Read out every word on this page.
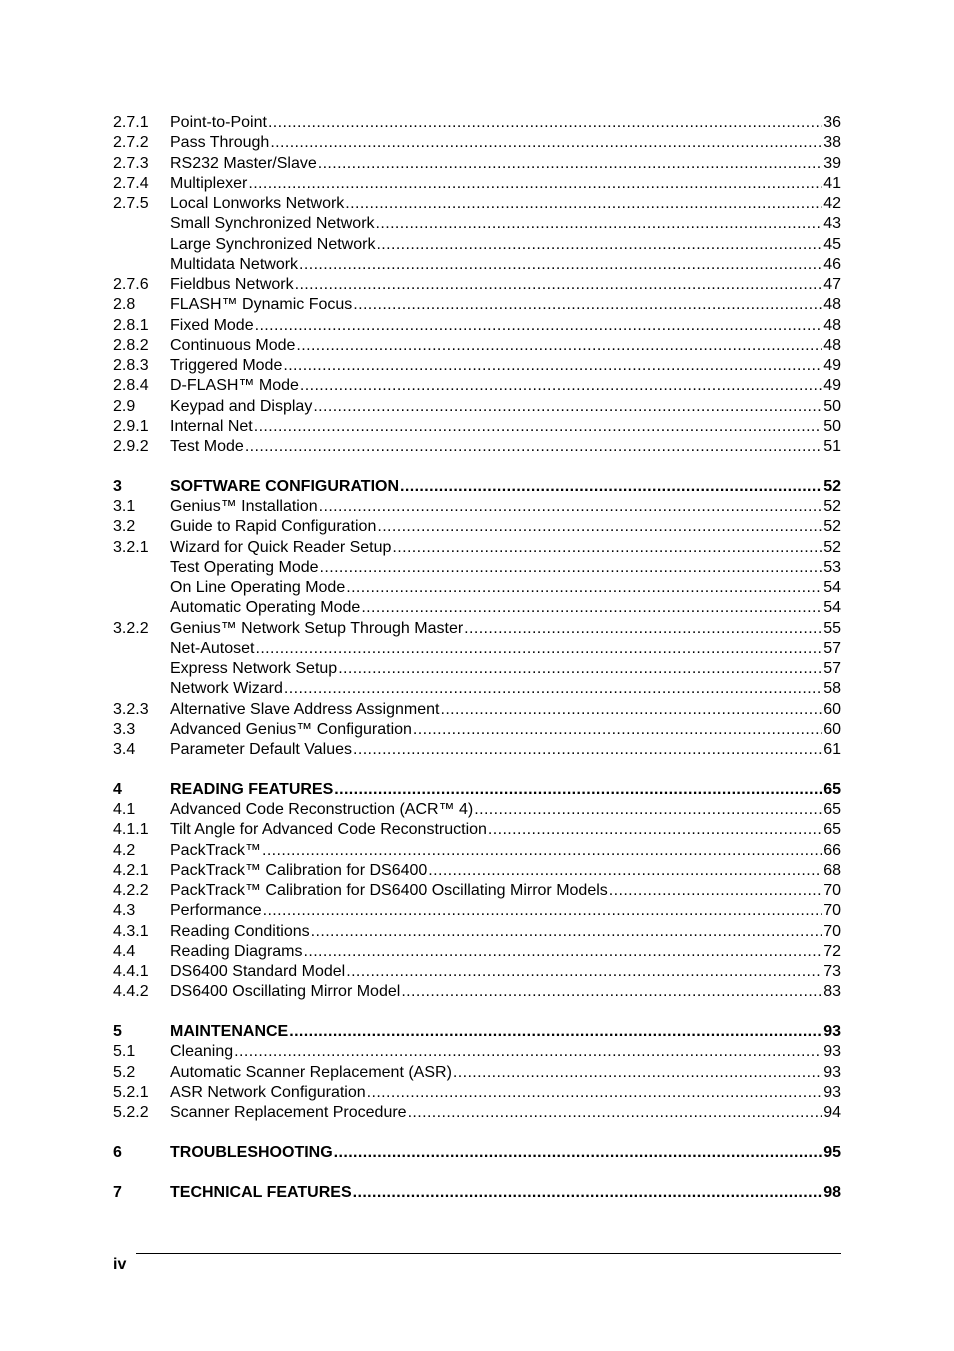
2.7.1	Point-to-Point .....	36
2.7.2	Pass Through .....	38
2.7.3	RS232 Master/Slave .....	39
2.7.4	Multiplexer .....	41
2.7.5	Local Lonworks Network .....	42
Small Synchronized Network .....	43
Large Synchronized Network .....	45
Multidata Network .....	46
2.7.6	Fieldbus Network .....	47
2.8	FLASH™ Dynamic Focus .....	48
2.8.1	Fixed Mode .....	48
2.8.2	Continuous Mode .....	48
2.8.3	Triggered Mode .....	49
2.8.4	D-FLASH™ Mode .....	49
2.9	Keypad and Display .....	50
2.9.1	Internal Net .....	50
2.9.2	Test Mode .....	51
3	SOFTWARE CONFIGURATION .....	52
3.1	Genius™ Installation .....	52
3.2	Guide to Rapid Configuration .....	52
3.2.1	Wizard for Quick Reader Setup .....	52
Test Operating Mode .....	53
On Line Operating Mode .....	54
Automatic Operating Mode .....	54
3.2.2	Genius™ Network Setup Through Master .....	55
Net-Autoset .....	57
Express Network Setup .....	57
Network Wizard .....	58
3.2.3	Alternative Slave Address Assignment .....	60
3.3	Advanced Genius™ Configuration .....	60
3.4	Parameter Default Values .....	61
4	READING FEATURES .....	65
4.1	Advanced Code Reconstruction (ACR™ 4) .....	65
4.1.1	Tilt Angle for Advanced Code Reconstruction .....	65
4.2	PackTrack™ .....	66
4.2.1	PackTrack™ Calibration for DS6400 .....	68
4.2.2	PackTrack™ Calibration for DS6400 Oscillating Mirror Models .....	70
4.3	Performance .....	70
4.3.1	Reading Conditions .....	70
4.4	Reading Diagrams .....	72
4.4.1	DS6400 Standard Model .....	73
4.4.2	DS6400 Oscillating Mirror Model .....	83
5	MAINTENANCE .....	93
5.1	Cleaning .....	93
5.2	Automatic Scanner Replacement (ASR) .....	93
5.2.1	ASR Network Configuration .....	93
5.2.2	Scanner Replacement Procedure .....	94
6	TROUBLESHOOTING .....	95
7	TECHNICAL FEATURES .....	98
iv
